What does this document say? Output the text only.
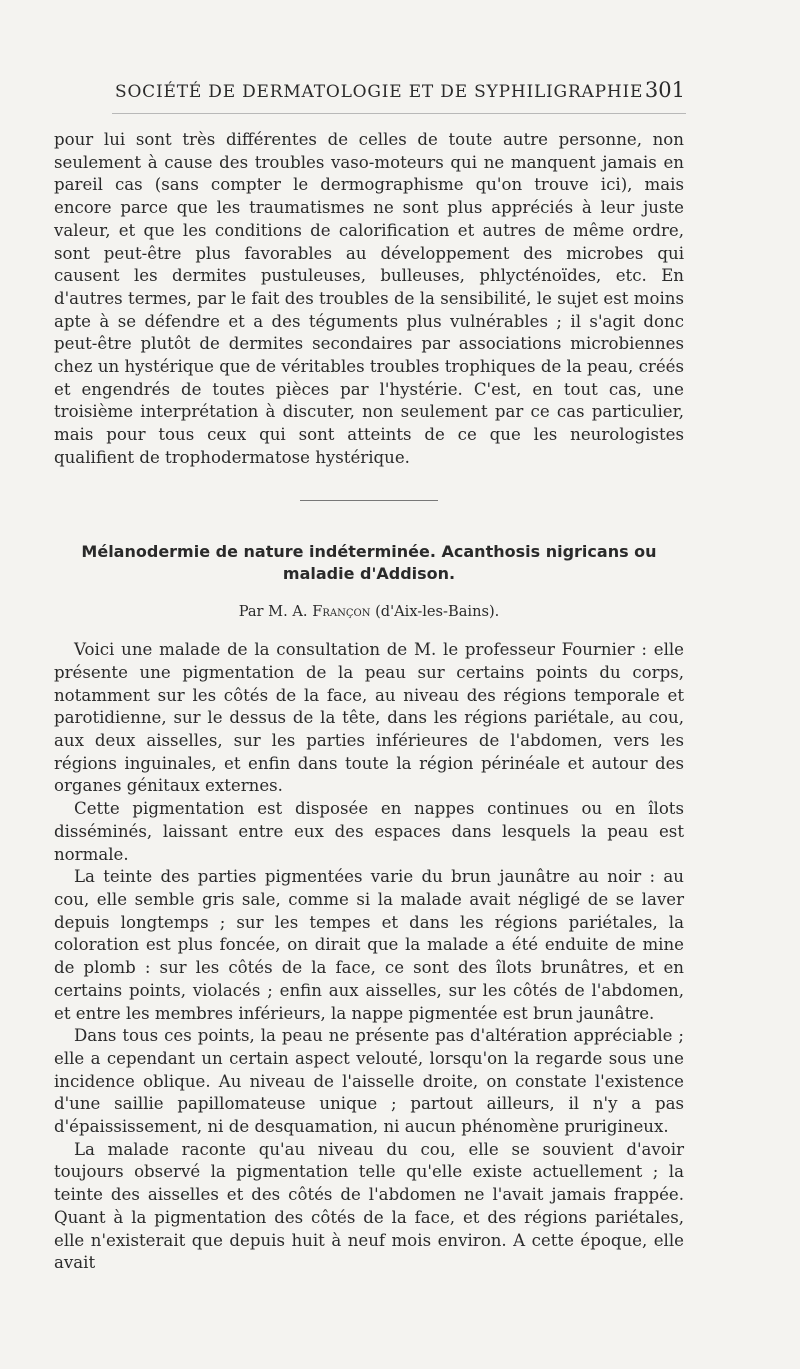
SOCIÉTÉ DE DERMATOLOGIE ET DE SYPHILIGRAPHIE 301

pour lui sont très différentes de celles de toute autre personne, non seulement à cause des troubles vaso-moteurs qui ne manquent jamais en pareil cas (sans compter le dermographisme qu'on trouve ici), mais encore parce que les traumatismes ne sont plus appréciés à leur juste valeur, et que les conditions de calorification et autres de même ordre, sont peut-être plus favorables au développement des microbes qui causent les dermites pustuleuses, bulleuses, phlycténoïdes, etc. En d'autres termes, par le fait des troubles de la sensibilité, le sujet est moins apte à se défendre et a des téguments plus vulnérables ; il s'agit donc peut-être plutôt de dermites secondaires par associations microbiennes chez un hystérique que de véritables troubles trophiques de la peau, créés et engendrés de toutes pièces par l'hystérie. C'est, en tout cas, une troisième interprétation à discuter, non seulement par ce cas particulier, mais pour tous ceux qui sont atteints de ce que les neurologistes qualifient de trophodermatose hystérique.

Mélanodermie de nature indéterminée. Acanthosis nigricans ou
maladie d'Addison.

Par M. A. Françon (d'Aix-les-Bains).

Voici une malade de la consultation de M. le professeur Fournier : elle présente une pigmentation de la peau sur certains points du corps, notamment sur les côtés de la face, au niveau des régions temporale et parotidienne, sur le dessus de la tête, dans les régions pariétale, au cou, aux deux aisselles, sur les parties inférieures de l'abdomen, vers les régions inguinales, et enfin dans toute la région périnéale et autour des organes génitaux externes.

Cette pigmentation est disposée en nappes continues ou en îlots disséminés, laissant entre eux des espaces dans lesquels la peau est normale.

La teinte des parties pigmentées varie du brun jaunâtre au noir : au cou, elle semble gris sale, comme si la malade avait négligé de se laver depuis longtemps ; sur les tempes et dans les régions pariétales, la coloration est plus foncée, on dirait que la malade a été enduite de mine de plomb : sur les côtés de la face, ce sont des îlots brunâtres, et en certains points, violacés ; enfin aux aisselles, sur les côtés de l'abdomen, et entre les membres inférieurs, la nappe pigmentée est brun jaunâtre.

Dans tous ces points, la peau ne présente pas d'altération appréciable ; elle a cependant un certain aspect velouté, lorsqu'on la regarde sous une incidence oblique. Au niveau de l'aisselle droite, on constate l'existence d'une saillie papillomateuse unique ; partout ailleurs, il n'y a pas d'épaississement, ni de desquamation, ni aucun phénomène prurigineux.

La malade raconte qu'au niveau du cou, elle se souvient d'avoir toujours observé la pigmentation telle qu'elle existe actuellement ; la teinte des aisselles et des côtés de l'abdomen ne l'avait jamais frappée. Quant à la pigmentation des côtés de la face, et des régions pariétales, elle n'existerait que depuis huit à neuf mois environ. A cette époque, elle avait
